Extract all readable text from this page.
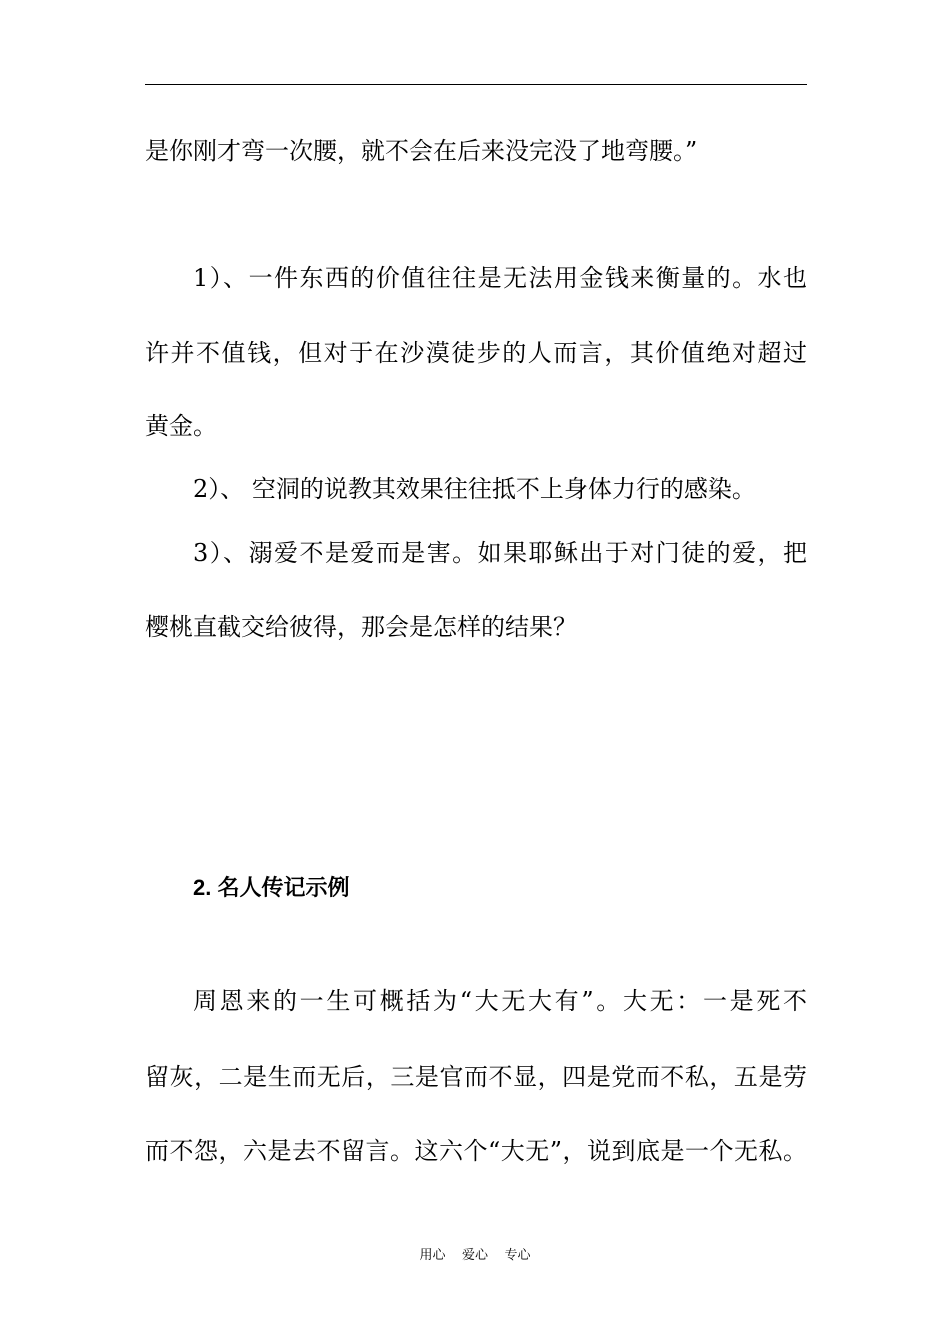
是你刚才弯一次腰，就不会在后来没完没了地弯腰。”
1）、一件东西的价值往往是无法用金钱来衡量的。水也
许并不值钱，但对于在沙漠徒步的人而言，其价值绝对超过
黄金。
2）、 空洞的说教其效果往往抵不上身体力行的感染。
3）、溺爱不是爱而是害。如果耶稣出于对门徒的爱，把
樱桃直截交给彼得，那会是怎样的结果？
2. 名人传记示例
周恩来的一生可概括为“大无大有”。大无：一是死不
留灰，二是生而无后，三是官而不显，四是党而不私，五是劳
而不怨，六是去不留言。这六个“大无”，说到底是一个无私。
用心    爱心    专心
